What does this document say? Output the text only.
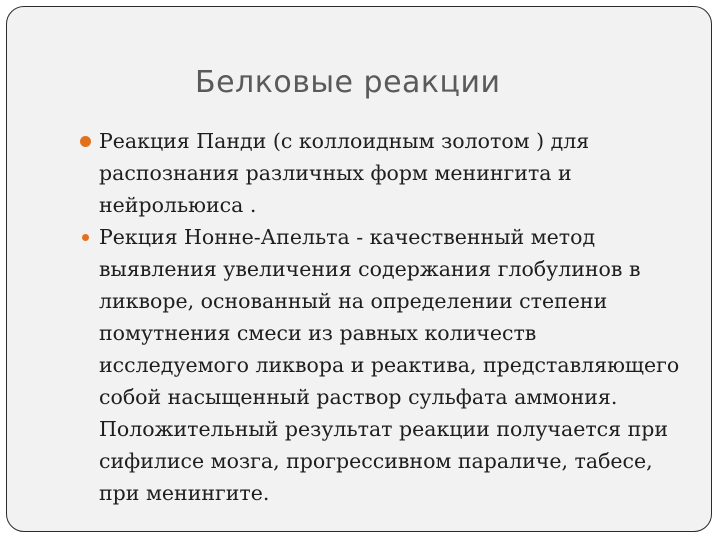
Белковые реакции
Реакция Панди (с коллоидным золотом ) для распознания различных форм менингита и нейрольюиса .
Рекция Нонне-Апельта - качественный метод выявления увеличения содержания глобулинов в ликворе, основанный на определении степени помутнения смеси из равных количеств исследуемого ликвора и реактива, представляющего собой насыщенный раствор сульфата аммония. Положительный результат реакции получается при сифилисе мозга, прогрессивном параличе, табесе, при менингите.
